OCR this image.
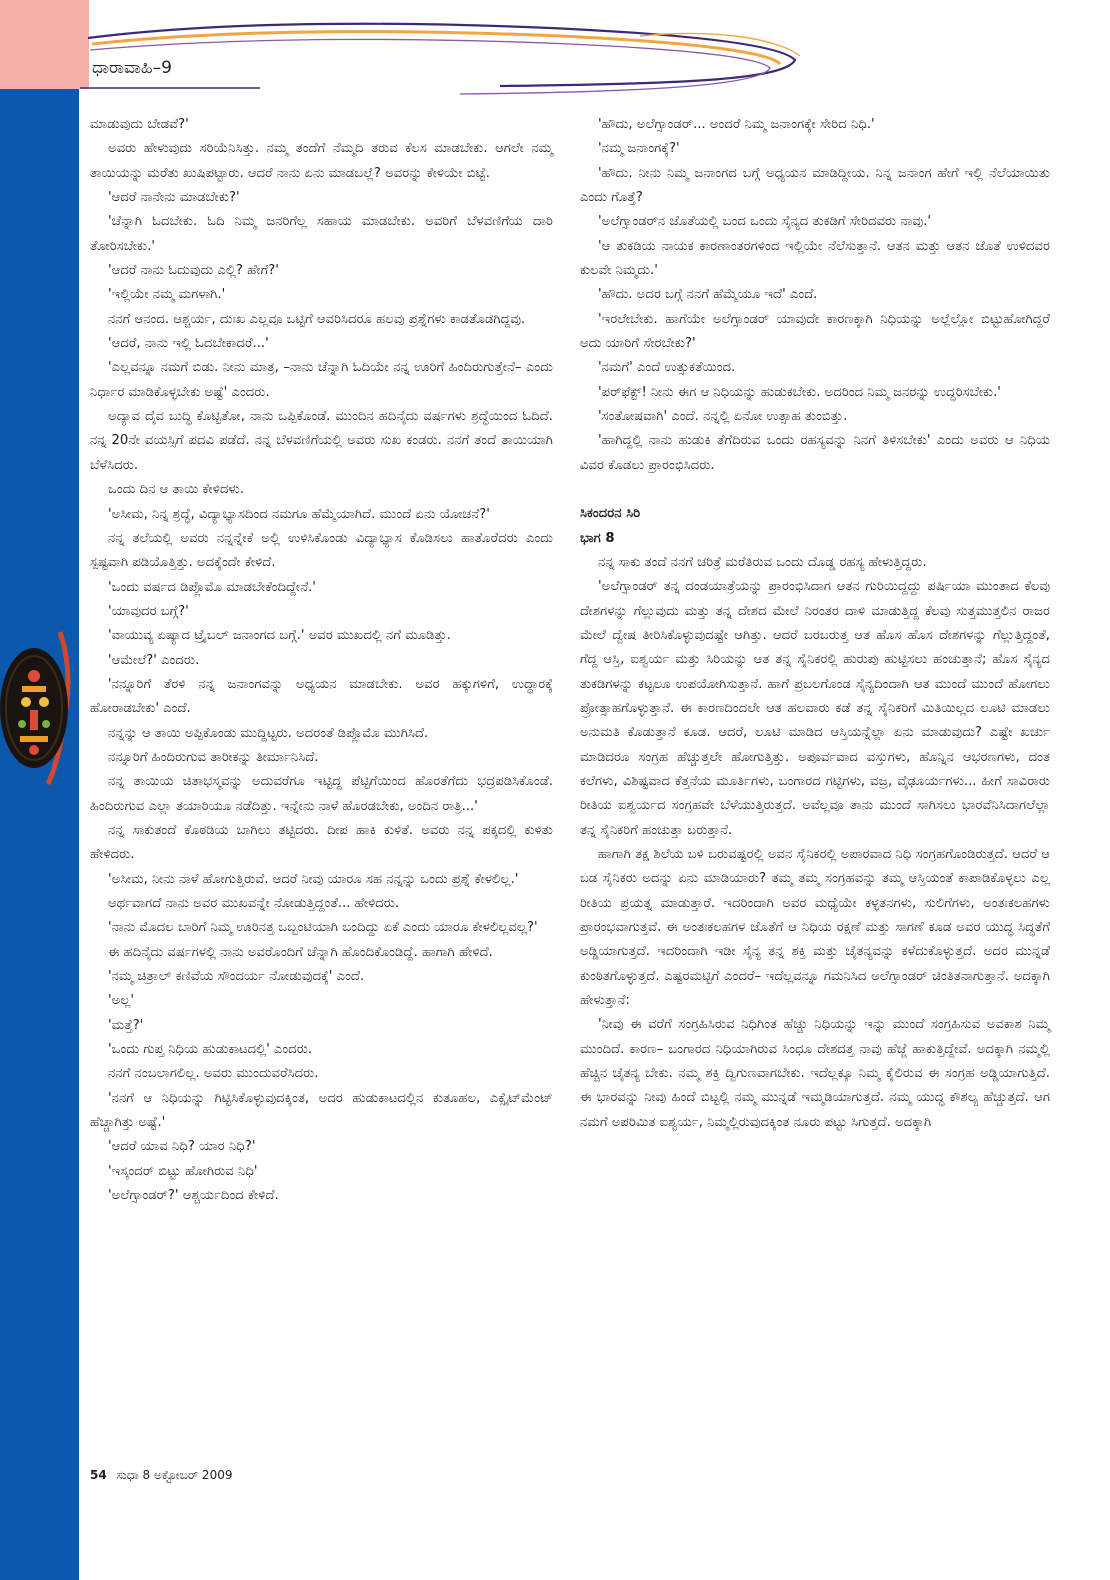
ಧಾರಾವಾಹಿ–9

ಮಾಡುವುದು ಬೇಡವೆ?'

ಅವರು ಹೇಳುವುದು ಸರಿಯೆನಿಸಿತ್ತು. ನಮ್ಮ ತಂದೆಗೆ ನೆಮ್ಮದಿ ತರುವ ಕೆಲಸ ಮಾಡಬೇಕು. ಆಗಲೇ ನಮ್ಮ ತಾಯಿಯನ್ನು ಮರೆತು ಖುಷಿಪಟ್ಟಾರು. ಆದರೆ ನಾನು ಏನು ಮಾಡಬಲ್ಲೆ? ಅವರನ್ನು ಕೇಳಿಯೇ ಬಿಟ್ಟೆ.

'ಆದರೆ ನಾನೇನು ಮಾಡಬೇಕು?'

'ಚೆನ್ನಾಗಿ ಓದಬೇಕು. ಓದಿ ನಿಮ್ಮ ಜನರಿಗೆಲ್ಲ ಸಹಾಯ ಮಾಡಬೇಕು. ಅವರಿಗೆ ಬೆಳವಣಿಗೆಯ ದಾರಿ ತೋರಿಸಬೇಕು.'

'ಆದರೆ ನಾನು ಓದುವುದು ಎಲ್ಲಿ? ಹೇಗೆ?'

'ಇಲ್ಲಿಯೇ ನಮ್ಮ ಮಗಳಾಗಿ.'

ನನಗೆ ಆನಂದ. ಆಶ್ಚರ್ಯ, ದುಃಖ ಎಲ್ಲವೂ ಒಟ್ಟಿಗೆ ಆವರಿಸಿದರೂ ಹಲವು ಪ್ರಶ್ನೆಗಳು ಕಾಡತೊಡಗಿದ್ದವು.

'ಆದರೆ, ನಾನು ಇಲ್ಲಿ ಓದಬೇಕಾದರೆ...'

'ಎಲ್ಲವನ್ನೂ ನಮಗೆ ಬಿಡು. ನೀನು ಮಾತ್ರ, –ನಾನು ಚೆನ್ನಾಗಿ ಓದಿಯೇ ನನ್ನ ಊರಿಗೆ ಹಿಂದಿರುಗುತ್ತೇನೆ– ಎಂದು ನಿರ್ಧಾರ ಮಾಡಿಕೊಳ್ಳಬೇಕು ಅಷ್ಟೆ' ಎಂದರು.

ಅದ್ಯಾವ ದೈವ ಬುದ್ಧಿ ಕೊಟ್ಟಿತೋ, ನಾನು ಒಪ್ಪಿಕೊಂಡೆ. ಮುಂದಿನ ಹದಿನೈದು ವರ್ಷಗಳು ಶ್ರದ್ಧೆಯಿಂದ ಓದಿದೆ. ನನ್ನ 20ನೇ ವಯಸ್ಸಿಗೆ ಪದವಿ ಪಡೆದೆ. ನನ್ನ ಬೆಳವಣಿಗೆಯಲ್ಲಿ ಅವರು ಸುಖ ಕಂಡರು. ನನಗೆ ತಂದೆ ತಾಯಿಯಾಗಿ ಬೆಳೆಸಿದರು.

ಒಂದು ದಿನ ಆ ತಾಯಿ ಕೇಳಿದಳು.

'ಅಸೀಮ, ನಿನ್ನ ಶ್ರದ್ಧೆ, ವಿದ್ಯಾಭ್ಯಾಸದಿಂದ ನಮಗೂ ಹೆಮ್ಮೆಯಾಗಿದೆ. ಮುಂದೆ ಏನು ಯೋಚನೆ?'

ನನ್ನ ತಲೆಯಲ್ಲಿ ಅವರು ನನ್ನನ್ನೇಕೆ ಅಲ್ಲಿ ಉಳಿಸಿಕೊಂಡು ವಿದ್ಯಾಭ್ಯಾಸ ಕೊಡಿಸಲು ಹಾತೊರೆದರು ಎಂದು ಸ್ಪಷ್ಟವಾಗಿ ಪಡಿಯೊತ್ತಿತ್ತು. ಅದಕ್ಕೆಂದೇ ಕೇಳಿದೆ.

'ಒಂದು ವರ್ಷದ ಡಿಪ್ಲೊಮೊ ಮಾಡಬೇಕೆಂದಿದ್ದೇನೆ.'

'ಯಾವುದರ ಬಗ್ಗೆ?'

'ವಾಯುವ್ಯ ಏಷ್ಯಾದ ಟ್ರೈಬಲ್ ಜನಾಂಗದ ಬಗ್ಗೆ.' ಅವರ ಮುಖದಲ್ಲಿ ನಗೆ ಮೂಡಿತ್ತು.

'ಆಮೇಲೆ?' ಎಂದರು.

'ನನ್ನೂರಿಗೆ ತೆರಳಿ ನನ್ನ ಜನಾಂಗವನ್ನು ಅಧ್ಯಯನ ಮಾಡಬೇಕು. ಅವರ ಹಕ್ಕುಗಳಿಗೆ, ಉದ್ಧಾರಕ್ಕೆ ಹೋರಾಡಬೇಕು' ಎಂದೆ.

ನನ್ನನ್ನು ಆ ತಾಯಿ ಅಪ್ಪಿಕೊಂಡು ಮುದ್ದಿಟ್ಟರು. ಅದರಂತೆ ಡಿಪ್ಲೊಮೊ ಮುಗಿಸಿದೆ.

ನನ್ನೂರಿಗೆ ಹಿಂದಿರುಗುವ ತಾರೀಕನ್ನು ತೀರ್ಮಾನಿಸಿದೆ.

ನನ್ನ ತಾಯಿಯ ಚಿತಾಭಸ್ಮವನ್ನು ಅದುವರೆಗೂ ಇಟ್ಟಿದ್ದ ಪೆಟ್ಟಿಗೆಯಿಂದ ಹೊರತೆಗೆದು ಭದ್ರಪಡಿಸಿಕೊಂಡೆ. ಹಿಂದಿರುಗುವ ಎಲ್ಲಾ ತಯಾರಿಯೂ ನಡೆದಿತ್ತು. ಇನ್ನೇನು ನಾಳೆ ಹೊರಡಬೇಕು, ಅಂದಿನ ರಾತ್ರಿ...'

ನನ್ನ ಸಾಕುತಂದೆ ಕೊಠಡಿಯ ಬಾಗಿಲು ತಟ್ಟಿದರು. ದೀಪ ಹಾಕಿ ಕುಳಿತೆ. ಅವರು ನನ್ನ ಪಕ್ಕದಲ್ಲಿ ಕುಳಿತು ಹೇಳಿದರು.

'ಅಸೀಮ, ನೀನು ನಾಳೆ ಹೋಗುತ್ತಿರುವೆ. ಆದರೆ ನೀವು ಯಾರೂ ಸಹ ನನ್ನನ್ನು ಒಂದು ಪ್ರಶ್ನೆ ಕೇಳಲಿಲ್ಲ.'

ಅರ್ಥವಾಗದೆ ನಾನು ಅವರ ಮುಖವನ್ನೇ ನೋಡುತ್ತಿದ್ದಂತೆ... ಹೇಳಿದರು.

'ನಾನು ಮೊದಲ ಬಾರಿಗೆ ನಿಮ್ಮ ಊರಿನತ್ತ ಒಬ್ಬಂಟಿಯಾಗಿ ಬಂದಿದ್ದು ಏಕೆ ಎಂದು ಯಾರೂ ಕೇಳಲಿಲ್ಲವಲ್ಲ?'

ಈ ಹದಿನೈದು ವರ್ಷಗಳಲ್ಲಿ ನಾನು ಅವರೊಂದಿಗೆ ಚೆನ್ನಾಗಿ ಹೊಂದಿಕೊಂಡಿದ್ದೆ. ಹಾಗಾಗಿ ಹೇಳಿದೆ.

'ನಮ್ಮ ಚಿತ್ರಾಲ್ ಕಣಿವೆಯ ಸೌಂದರ್ಯ ನೋಡುವುದಕ್ಕೆ' ಎಂದೆ.

'ಅಲ್ಲ'

'ಮತ್ತೆ?'

'ಒಂದು ಗುಪ್ತ ನಿಧಿಯ ಹುಡುಕಾಟದಲ್ಲಿ' ಎಂದರು.

ನನಗೆ ನಂಬಲಾಗಲಿಲ್ಲ. ಅವರು ಮುಂದುವರೆಸಿದರು.

'ನನಗೆ ಆ ನಿಧಿಯನ್ನು ಗಿಟ್ಟಿಸಿಕೊಳ್ಳುವುದಕ್ಕಿಂತ, ಅದರ ಹುಡುಕಾಟದಲ್ಲಿನ ಕುತೂಹಲ, ಎಕ್ಸೈಟ್‌ಮೆಂಟ್ ಹೆಚ್ಚಾಗಿತ್ತು ಅಷ್ಟೆ.'

'ಆದರೆ ಯಾವ ನಿಧಿ? ಯಾರ ನಿಧಿ?'

'ಇಸ್ಕಂದರ್ ಬಿಟ್ಟು ಹೋಗಿರುವ ನಿಧಿ'

'ಅಲೆಗ್ಸಾಂಡರ್?' ಆಶ್ಚರ್ಯದಿಂದ ಕೇಳಿದೆ.

'ಹೌದು, ಅಲೆಗ್ಸಾಂಡರ್... ಅಂದರೆ ನಿಮ್ಮ ಜನಾಂಗಕ್ಕೇ ಸೇರಿದ ನಿಧಿ.'

'ನಮ್ಮ ಜನಾಂಗಕ್ಕೆ?'

'ಹೌದು. ನೀನು ನಿಮ್ಮ ಜನಾಂಗದ ಬಗ್ಗೆ ಅಧ್ಯಯನ ಮಾಡಿದ್ದೀಯ. ನಿನ್ನ ಜನಾಂಗ ಹೇಗೆ ಇಲ್ಲಿ ನೆಲೆಯಾಯಿತು ಎಂದು ಗೊತ್ತೆ?

'ಅಲೆಗ್ಸಾಂಡರ್‌ನ ಜೊತೆಯಲ್ಲಿ ಬಂದ ಒಂದು ಸೈನ್ಯದ ತುಕಡಿಗೆ ಸೇರಿದವರು ನಾವು.'

'ಆ ತುಕಡಿಯ ನಾಯಕ ಕಾರಣಾಂತರಗಳಿಂದ ಇಲ್ಲಿಯೇ ನೆಲೆಸುತ್ತಾನೆ. ಆತನ ಮತ್ತು ಆತನ ಜೊತೆ ಉಳಿದವರ ಕುಲವೇ ನಿಮ್ಮದು.'

'ಹೌದು. ಅದರ ಬಗ್ಗೆ ನನಗೆ ಹೆಮ್ಮೆಯೂ ಇದೆ' ಎಂದೆ.

'ಇರಲೇಬೇಕು. ಹಾಗೆಯೇ ಅಲೆಗ್ಸಾಂಡರ್ ಯಾವುದೇ ಕಾರಣಕ್ಕಾಗಿ ನಿಧಿಯನ್ನು ಅಲ್ಲೆಲ್ಲೋ ಬಿಟ್ಟುಹೋಗಿದ್ದರೆ ಅದು ಯಾರಿಗೆ ಸೇರಬೇಕು?'

'ನಮಗೆ' ಎಂದೆ ಉತ್ಸುಕತೆಯಿಂದ.

'ಪರ್‌ಫೆಕ್ಟ್! ನೀನು ಈಗ ಆ ನಿಧಿಯನ್ನು ಹುಡುಕಬೇಕು. ಅದರಿಂದ ನಿಮ್ಮ ಜನರನ್ನು ಉದ್ಧರಿಸಬೇಕು.'

'ಸಂತೋಷವಾಗಿ' ಎಂದೆ. ನನ್ನಲ್ಲಿ ಏನೋ ಉತ್ಸಾಹ ತುಂಬಿತ್ತು.

'ಹಾಗಿದ್ದಲ್ಲಿ ನಾನು ಹುಡುಕಿ ತೆಗೆದಿರುವ ಒಂದು ರಹಸ್ಯವನ್ನು ನಿನಗೆ ತಿಳಿಸಬೇಕು' ಎಂದು ಅವರು ಆ ನಿಧಿಯ ವಿವರ ಕೊಡಲು ಪ್ರಾರಂಭಿಸಿದರು.

ಸಿಕಂದರನ ಸಿರಿ

ಭಾಗ 8

ನನ್ನ ಸಾಕು ತಂದೆ ನನಗೆ ಚರಿತ್ರೆ ಮರೆತಿರುವ ಒಂದು ದೊಡ್ಡ ರಹಸ್ಯ ಹೇಳುತ್ತಿದ್ದರು.

'ಅಲೆಗ್ಸಾಂಡರ್ ತನ್ನ ದಂಡಯಾತ್ರೆಯನ್ನು ಪ್ರಾರಂಭಿಸಿದಾಗ ಆತನ ಗುರಿಯಿದ್ದದ್ದು ಪರ್ಷಿಯಾ ಮುಂತಾದ ಕೆಲವು ದೇಶಗಳನ್ನು ಗೆಲ್ಲುವುದು ಮತ್ತು ತನ್ನ ದೇಶದ ಮೇಲೆ ನಿರಂತರ ದಾಳಿ ಮಾಡುತ್ತಿದ್ದ ಕೆಲವು ಸುತ್ತಮುತ್ತಲಿನ ರಾಜರ ಮೇಲೆ ದ್ವೇಷ ತೀರಿಸಿಕೊಳ್ಳುವುದಷ್ಟೇ ಆಗಿತ್ತು. ಆದರೆ ಬರಬರುತ್ತ ಆತ ಹೊಸ ಹೊಸ ದೇಶಗಳನ್ನು ಗೆಲ್ಲುತ್ತಿದ್ದಂತೆ, ಗೆದ್ದ ಆಸ್ತಿ, ಐಶ್ವರ್ಯ ಮತ್ತು ಸಿರಿಯನ್ನು ಆತ ತನ್ನ ಸೈನಿಕರಲ್ಲಿ ಹುರುಪು ಹುಟ್ಟಿಸಲು ಹಂಚುತ್ತಾನೆ; ಹೊಸ ಸೈನ್ಯದ ತುಕಡಿಗಳನ್ನು ಕಟ್ಟಲೂ ಉಪಯೋಗಿಸುತ್ತಾನೆ. ಹಾಗೆ ಪ್ರಬಲಗೊಂಡ ಸೈನ್ಯದಿಂದಾಗಿ ಆತ ಮುಂದೆ ಮುಂದೆ ಹೋಗಲು ಪ್ರೋತ್ಸಾಹಗೊಳ್ಳುತ್ತಾನೆ. ಈ ಕಾರಣದಿಂದಲೇ ಆತ ಹಲವಾರು ಕಡೆ ತನ್ನ ಸೈನಿಕರಿಗೆ ಮಿತಿಯಿಲ್ಲದ ಲೂಟಿ ಮಾಡಲು ಅನುಮತಿ ಕೊಡುತ್ತಾನೆ ಕೂಡ. ಆದರೆ, ಲೂಟಿ ಮಾಡಿದ ಆಸ್ತಿಯನ್ನೆಲ್ಲಾ ಏನು ಮಾಡುವುದು? ಎಷ್ಟೇ ಖರ್ಚು ಮಾಡಿದರೂ ಸಂಗ್ರಹ ಹೆಚ್ಚುತ್ತಲೇ ಹೋಗುತ್ತಿತ್ತು. ಅಪೂರ್ವವಾದ ವಸ್ತುಗಳು, ಹೊನ್ನಿನ ಆಭರಣಗಳು, ದಂತ ಕಲೆಗಳು, ವಿಶಿಷ್ಟವಾದ ಕೆತ್ತನೆಯ ಮೂರ್ತಿಗಳು, ಬಂಗಾರದ ಗಟ್ಟಿಗಳು, ವಜ್ರ, ವೈಢೂರ್ಯಗಳು... ಹೀಗೆ ಸಾವಿರಾರು ರೀತಿಯ ಐಶ್ವರ್ಯದ ಸಂಗ್ರಹವೇ ಬೆಳೆಯುತ್ತಿರುತ್ತದೆ. ಅವೆಲ್ಲವೂ ತಾನು ಮುಂದೆ ಸಾಗಿಸಲು ಭಾರವೆನಿಸಿದಾಗಲೆಲ್ಲಾ ತನ್ನ ಸೈನಿಕರಿಗೆ ಹಂಚುತ್ತಾ ಬರುತ್ತಾನೆ.

ಹಾಗಾಗಿ ತಕ್ಷ ಶಿಲೆಯ ಬಳಿ ಬರುವಷ್ಟರಲ್ಲಿ ಅವನ ಸೈನಿಕರಲ್ಲಿ ಅಪಾರವಾದ ನಿಧಿ ಸಂಗ್ರಹಗೊಂಡಿರುತ್ತದೆ. ಆದರೆ ಆ ಬಡ ಸೈನಿಕರು ಅದನ್ನು ಏನು ಮಾಡಿಯಾರು? ತಮ್ಮ ತಮ್ಮ ಸಂಗ್ರಹವನ್ನು ತಮ್ಮ ಆಸ್ತಿಯಂತೆ ಕಾಪಾಡಿಕೊಳ್ಳಲು ಎಲ್ಲ ರೀತಿಯ ಪ್ರಯತ್ನ ಮಾಡುತ್ತಾರೆ. ಇದರಿಂದಾಗಿ ಅವರ ಮಧ್ಯೆಯೇ ಕಳ್ಳತನಗಳು, ಸುಲಿಗೆಗಳು, ಅಂತಃಕಲಹಗಳು ಪ್ರಾರಂಭವಾಗುತ್ತವೆ. ಈ ಅಂತಃಕಲಹಗಳ ಜೊತೆಗೆ ಆ ನಿಧಿಯ ರಕ್ಷಣೆ ಮತ್ತು ಸಾಗಣೆ ಕೂಡ ಅವರ ಯುದ್ಧ ಸಿದ್ಧತೆಗೆ ಅಡ್ಡಿಯಾಗುತ್ತದೆ. ಇದರಿಂದಾಗಿ ಇಡೀ ಸೈನ್ಯ ತನ್ನ ಶಕ್ತಿ ಮತ್ತು ಚೈತನ್ಯವನ್ನು ಕಳೆದುಕೊಳ್ಳುತ್ತದೆ. ಅದರ ಮುನ್ನಡೆ ಕುಂಠಿತಗೊಳ್ಳುತ್ತದೆ. ಎಷ್ಟರಮಟ್ಟಿಗೆ ಎಂದರೆ– ಇದೆಲ್ಲವನ್ನೂ ಗಮನಿಸಿದ ಅಲೆಗ್ಸಾಂಡರ್ ಚಿಂತಿತನಾಗುತ್ತಾನೆ. ಅದಕ್ಕಾಗಿ ಹೇಳುತ್ತಾನೆ:

'ನೀವು ಈ ವರೆಗೆ ಸಂಗ್ರಹಿಸಿರುವ ನಿಧಿಗಿಂತ ಹೆಚ್ಚು ನಿಧಿಯನ್ನು ಇನ್ನು ಮುಂದೆ ಸಂಗ್ರಹಿಸುವ ಅವಕಾಶ ನಿಮ್ಮ ಮುಂದಿದೆ. ಕಾರಣ– ಬಂಗಾರದ ನಿಧಿಯಾಗಿರುವ ಸಿಂಧೂ ದೇಶದತ್ತ ನಾವು ಹೆಜ್ಜೆ ಹಾಕುತ್ತಿದ್ದೇವೆ. ಅದಕ್ಕಾಗಿ ನಮ್ಮಲ್ಲಿ ಹೆಚ್ಚಿನ ಚೈತನ್ಯ ಬೇಕು. ನಮ್ಮ ಶಕ್ತಿ ದ್ವಿಗುಣವಾಗಬೇಕು. ಇದೆಲ್ಲಕ್ಕೂ ನಿಮ್ಮ ಕೈಲಿರುವ ಈ ಸಂಗ್ರಹ ಅಡ್ಡಿಯಾಗುತ್ತಿದೆ. ಈ ಭಾರವನ್ನು ನೀವು ಹಿಂದೆ ಬಿಟ್ಟಲ್ಲಿ ನಮ್ಮ ಮುನ್ನಡೆ ಇಮ್ಮಡಿಯಾಗುತ್ತದೆ. ನಮ್ಮ ಯುದ್ಧ ಕೌಶಲ್ಯ ಹೆಚ್ಚುತ್ತದೆ. ಆಗ ನಮಗೆ ಅಪರಿಮಿತ ಐಶ್ವರ್ಯ, ನಿಮ್ಮಲ್ಲಿರುವುದಕ್ಕಿಂತ ನೂರು ಪಟ್ಟು ಸಿಗುತ್ತದೆ. ಅದಕ್ಕಾಗಿ

54 ಸುಧಾ 8 ಅಕ್ಟೋಬರ್ 2009
